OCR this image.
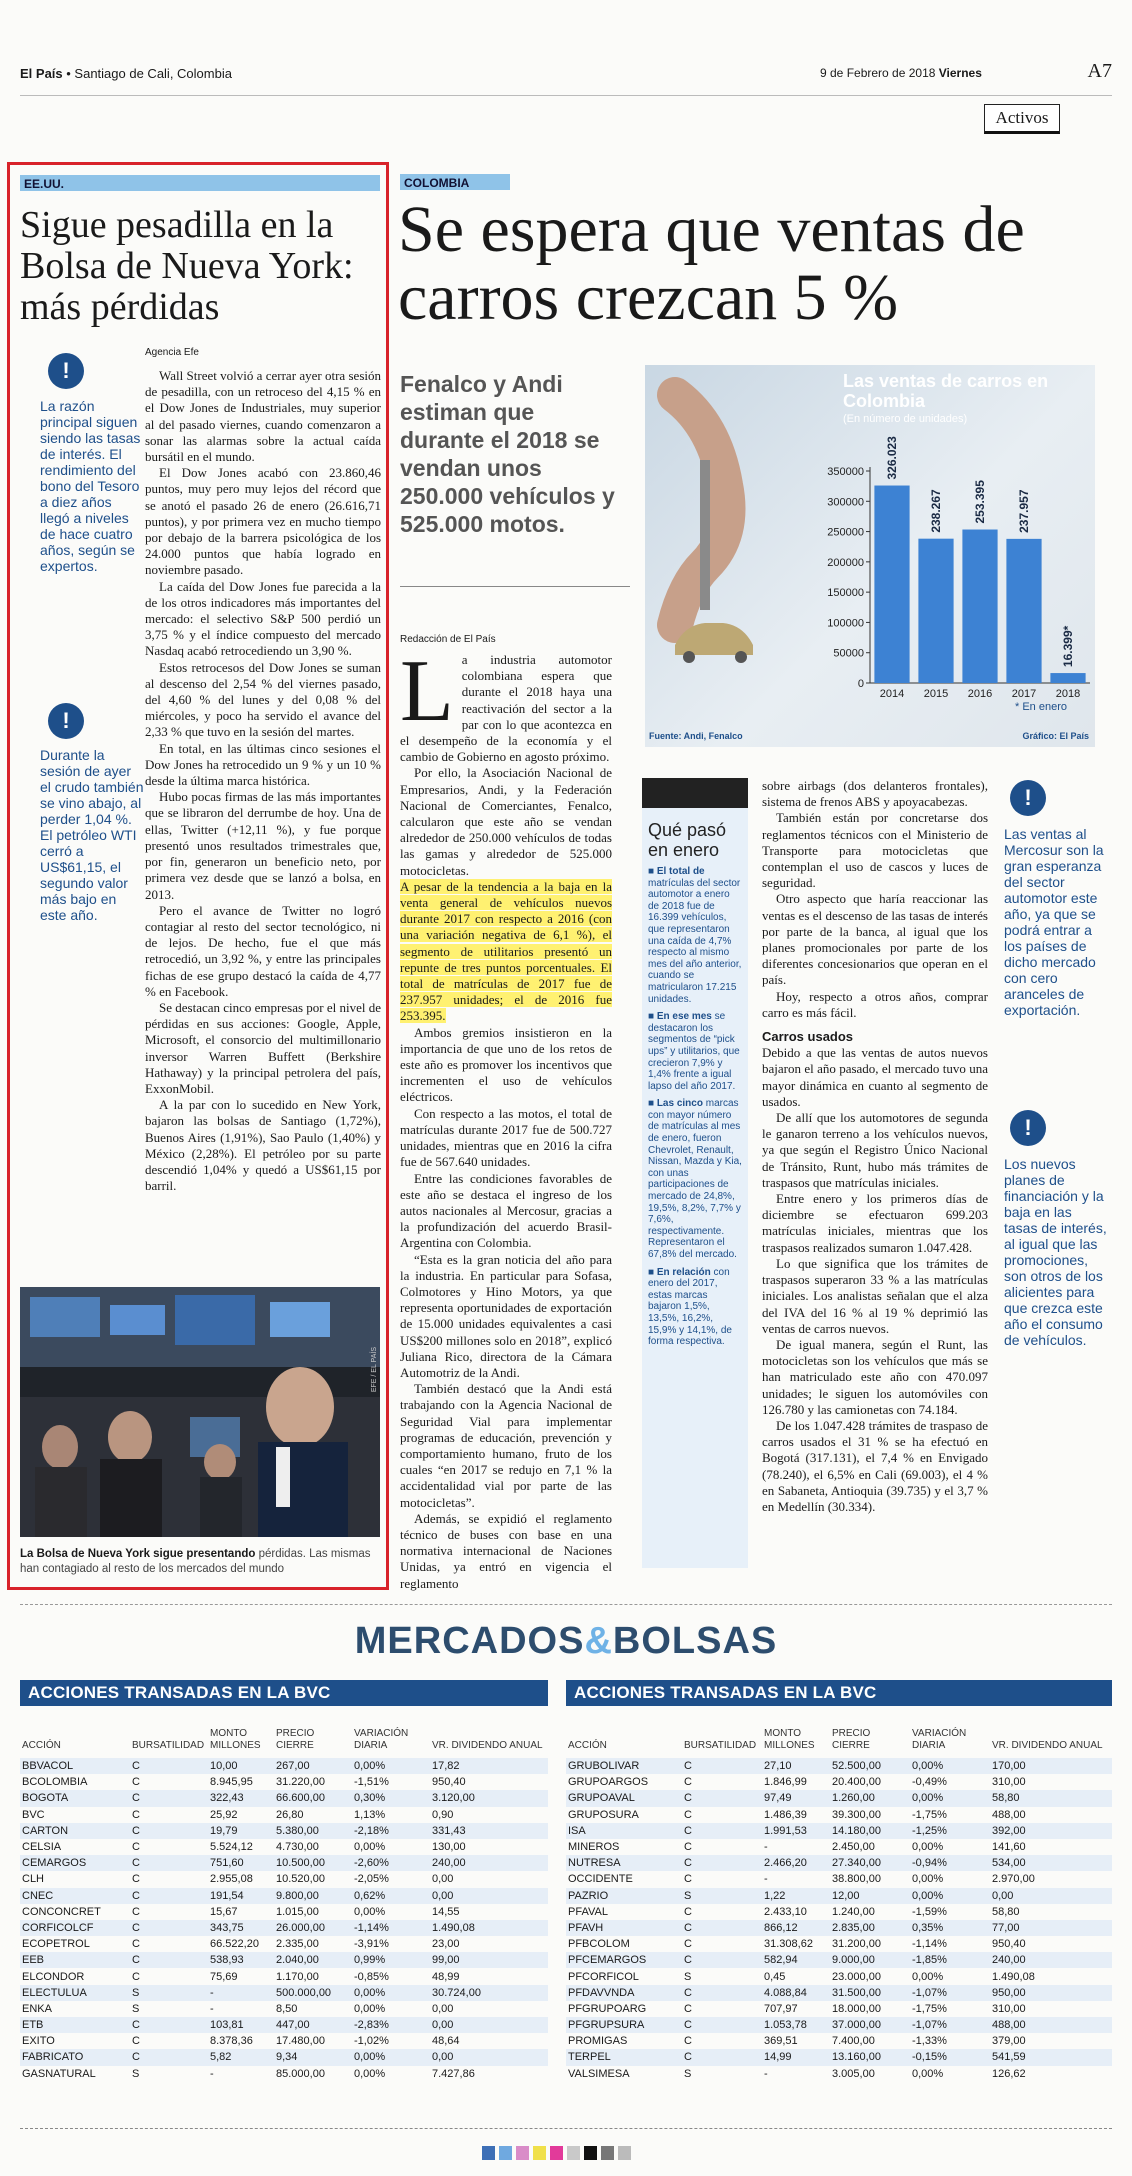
El País • Santiago de Cali, Colombia	9 de Febrero de 2018 Viernes	A7
Activos
EE.UU.
Sigue pesadilla en la Bolsa de Nueva York: más pérdidas
!
La razón principal siguen siendo las tasas de interés. El rendimiento del bono del Tesoro a diez años llegó a niveles de hace cuatro años, según se expertos.
!
Durante la sesión de ayer el crudo también se vino abajo, al perder 1,04 %. El petróleo WTI cerró a US$61,15, el segundo valor más bajo en este año.
Agencia Efe

Wall Street volvió a cerrar ayer otra sesión de pesadilla, con un retroceso del 4,15 % en el Dow Jones de Industriales, muy superior al del pasado viernes, cuando comenzaron a sonar las alarmas sobre la actual caída bursátil en el mundo.

El Dow Jones acabó con 23.860,46 puntos, muy pero muy lejos del récord que se anotó el pasado 26 de enero (26.616,71 puntos), y por primera vez en mucho tiempo por debajo de la barrera psicológica de los 24.000 puntos que había logrado en noviembre pasado.

La caída del Dow Jones fue parecida a la de los otros indicadores más importantes del mercado: el selectivo S&P 500 perdió un 3,75 % y el índice compuesto del mercado Nasdaq acabó retrocediendo un 3,90 %.

Estos retrocesos del Dow Jones se suman al descenso del 2,54 % del viernes pasado, del 4,60 % del lunes y del 0,08 % del miércoles, y poco ha servido el avance del 2,33 % que tuvo en la sesión del martes.

En total, en las últimas cinco sesiones el Dow Jones ha retrocedido un 9 % y un 10 % desde la última marca histórica.

Hubo pocas firmas de las más importantes que se libraron del derrumbe de hoy. Una de ellas, Twitter (+12,11 %), y fue porque presentó unos resultados trimestrales que, por fin, generaron un beneficio neto, por primera vez desde que se lanzó a bolsa, en 2013.

Pero el avance de Twitter no logró contagiar al resto del sector tecnológico, ni de lejos. De hecho, fue el que más retrocedió, un 3,92 %, y entre las principales fichas de ese grupo destacó la caída de 4,77 % en Facebook.

Se destacan cinco empresas por el nivel de pérdidas en sus acciones: Google, Apple, Microsoft, el consorcio del multimillonario inversor Warren Buffett (Berkshire Hathaway) y la principal petrolera del país, ExxonMobil.

A la par con lo sucedido en New York, bajaron las bolsas de Santiago (1,72%), Buenos Aires (1,91%), Sao Paulo (1,40%) y México (2,28%). El petróleo por su parte descendió 1,04% y quedó a US$61,15 por barril.

EFE / EL PAÍS
La Bolsa de Nueva York sigue presentando pérdidas. Las mismas han contagiado al resto de los mercados del mundo
COLOMBIA
Se espera que ventas de carros crezcan 5 %
Fenalco y Andi estiman que durante el 2018 se vendan unos 250.000 vehículos y 525.000 motos.
0
50000
100000
150000
200000
250000
300000
350000 326.023
2014
238.267
2015
253.395
2016
237.957
2017
16.399*
2018
Las ventas de carros en Colombia
(En número de unidades)
* En enero
Fuente: Andi, Fenalco	Gráfico: El País
Redacción de El País
L a industria automotor colombiana espera que durante el 2018 haya una reactivación del sector a la par con lo que acontezca en el desempeño de la economía y el cambio de Gobierno en agosto próximo.

Por ello, la Asociación Nacional de Empresarios, Andi, y la Federación Nacional de Comerciantes, Fenalco, calcularon que este año se vendan alrededor de 250.000 vehículos de todas las gamas y alrededor de 525.000 motocicletas.

A pesar de la tendencia a la baja en la venta general de vehículos nuevos durante 2017 con respecto a 2016 (con una variación negativa de 6,1 %), el segmento de utilitarios presentó un repunte de tres puntos porcentuales. El total de matrículas de 2017 fue de 237.957 unidades; el de 2016 fue 253.395.

Ambos gremios insistieron en la importancia de que uno de los retos de este año es promover los incentivos que incrementen el uso de vehículos eléctricos.

Con respecto a las motos, el total de matrículas durante 2017 fue de 500.727 unidades, mientras que en 2016 la cifra fue de 567.640 unidades.

Entre las condiciones favorables de este año se destaca el ingreso de los autos nacionales al Mercosur, gracias a la profundización del acuerdo Brasil-Argentina con Colombia.

“Esta es la gran noticia del año para la industria. En particular para Sofasa, Colmotores y Hino Motors, ya que representa oportunidades de exportación de 15.000 unidades equivalentes a casi US$200 millones solo en 2018”, explicó Juliana Rico, directora de la Cámara Automotriz de la Andi.

También destacó que la Andi está trabajando con la Agencia Nacional de Seguridad Vial para implementar programas de educación, prevención y comportamiento humano, fruto de los cuales “en 2017 se redujo en 7,1 % la accidentalidad vial por parte de las motocicletas”.

Además, se expidió el reglamento técnico de buses con base en una normativa internacional de Naciones Unidas, ya entró en vigencia el reglamento

Qué pasó en enero
■ El total de matrículas del sector automotor a enero de 2018 fue de 16.399 vehículos, que representaron una caída de 4,7% respecto al mismo mes del año anterior, cuando se matricularon 17.215 unidades.
■ En ese mes se destacaron los segmentos de “pick ups” y utilitarios, que crecieron 7,9% y 1,4% frente a igual lapso del año 2017.
■ Las cinco marcas con mayor número de matrículas al mes de enero, fueron Chevrolet, Renault, Nissan, Mazda y Kia, con unas participaciones de mercado de 24,8%, 19,5%, 8,2%, 7,7% y 7,6%, respectivamente. Representaron el 67,8% del mercado.
■ En relación con enero del 2017, estas marcas bajaron 1,5%, 13,5%, 16,2%, 15,9% y 14,1%, de forma respectiva.

sobre airbags (dos delanteros frontales), sistema de frenos ABS y apoyacabezas.

También están por concretarse dos reglamentos técnicos con el Ministerio de Transporte para motocicletas que contemplan el uso de cascos y luces de seguridad.

Otro aspecto que haría reaccionar las ventas es el descenso de las tasas de interés por parte de la banca, al igual que los planes promocionales por parte de los diferentes concesionarios que operan en el país.

Hoy, respecto a otros años, comprar carro es más fácil.

Carros usados

Debido a que las ventas de autos nuevos bajaron el año pasado, el mercado tuvo una mayor dinámica en cuanto al segmento de usados.

De allí que los automotores de segunda le ganaron terreno a los vehículos nuevos, ya que según el Registro Único Nacional de Tránsito, Runt, hubo más trámites de traspasos que matrículas iniciales.

Entre enero y los primeros días de diciembre se efectuaron 699.203 matrículas iniciales, mientras que los traspasos realizados sumaron 1.047.428.

Lo que significa que los trámites de traspasos superaron 33 % a las matrículas iniciales. Los analistas señalan que el alza del IVA del 16 % al 19 % deprimió las ventas de carros nuevos.

De igual manera, según el Runt, las motocicletas son los vehículos que más se han matriculado este año con 470.097 unidades; le siguen los automóviles con 126.780 y las camionetas con 74.184.

De los 1.047.428 trámites de traspaso de carros usados el 31 % se ha efectuó en Bogotá (317.131), el 7,4 % en Envigado (78.240), el 6,5% en Cali (69.003), el 4 % en Sabaneta, Antioquia (39.735) y el 3,7 % en Medellín (30.334).

!
Las ventas al Mercosur son la gran esperanza del sector automotor este año, ya que se podrá entrar a los países de dicho mercado con cero aranceles de exportación.
!
Los nuevos planes de financiación y la baja en las tasas de interés, al igual que las promociones, son otros de los alicientes para que crezca este año el consumo de vehículos.
MERCADOS&BOLSAS
ACCIONES TRANSADAS EN LA BVC
ACCIÓN	BURSATILIDAD	MONTO MILLONES	PRECIO CIERRE	VARIACIÓN DIARIA	VR. DIVIDENDO ANUAL
BBVACOL	C	10,00	267,00	0,00%	17,82
BCOLOMBIA	C	8.945,95	31.220,00	-1,51%	950,40
BOGOTA	C	322,43	66.600,00	0,30%	3.120,00
BVC	C	25,92	26,80	1,13%	0,90
CARTON	C	19,79	5.380,00	-2,18%	331,43
CELSIA	C	5.524,12	4.730,00	0,00%	130,00
CEMARGOS	C	751,60	10.500,00	-2,60%	240,00
CLH	C	2.955,08	10.520,00	-2,05%	0,00
CNEC	C	191,54	9.800,00	0,62%	0,00
CONCONCRET	C	15,67	1.015,00	0,00%	14,55
CORFICOLCF	C	343,75	26.000,00	-1,14%	1.490,08
ECOPETROL	C	66.522,20	2.335,00	-3,91%	23,00
EEB	C	538,93	2.040,00	0,99%	99,00
ELCONDOR	C	75,69	1.170,00	-0,85%	48,99
ELECTULUA	S	-	500.000,00	0,00%	30.724,00
ENKA	S	-	8,50	0,00%	0,00
ETB	C	103,81	447,00	-2,83%	0,00
EXITO	C	8.378,36	17.480,00	-1,02%	48,64
FABRICATO	C	5,82	9,34	0,00%	0,00
GASNATURAL	S	-	85.000,00	0,00%	7.427,86
ACCIONES TRANSADAS EN LA BVC
ACCIÓN	BURSATILIDAD	MONTO MILLONES	PRECIO CIERRE	VARIACIÓN DIARIA	VR. DIVIDENDO ANUAL
GRUBOLIVAR	C	27,10	52.500,00	0,00%	170,00
GRUPOARGOS	C	1.846,99	20.400,00	-0,49%	310,00
GRUPOAVAL	C	97,49	1.260,00	0,00%	58,80
GRUPOSURA	C	1.486,39	39.300,00	-1,75%	488,00
ISA	C	1.991,53	14.180,00	-1,25%	392,00
MINEROS	C	-	2.450,00	0,00%	141,60
NUTRESA	C	2.466,20	27.340,00	-0,94%	534,00
OCCIDENTE	C	-	38.800,00	0,00%	2.970,00
PAZRIO	S	1,22	12,00	0,00%	0,00
PFAVAL	C	2.433,10	1.240,00	-1,59%	58,80
PFAVH	C	866,12	2.835,00	0,35%	77,00
PFBCOLOM	C	31.308,62	31.200,00	-1,14%	950,40
PFCEMARGOS	C	582,94	9.000,00	-1,85%	240,00
PFCORFICOL	S	0,45	23.000,00	0,00%	1.490,08
PFDAVVNDA	C	4.088,84	31.500,00	-1,07%	950,00
PFGRUPOARG	C	707,97	18.000,00	-1,75%	310,00
PFGRUPSURA	C	1.053,78	37.000,00	-1,07%	488,00
PROMIGAS	C	369,51	7.400,00	-1,33%	379,00
TERPEL	C	14,99	13.160,00	-0,15%	541,59
VALSIMESA	S	-	3.005,00	0,00%	126,62
